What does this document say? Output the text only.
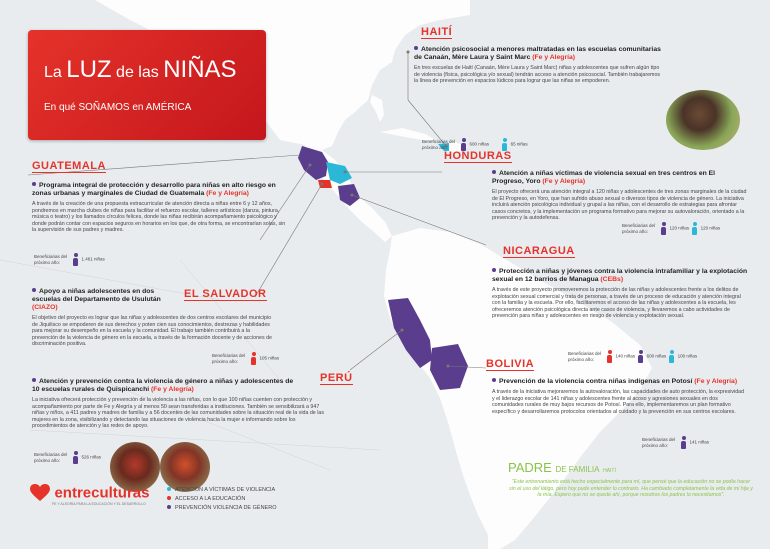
La LUZ de las NIÑAS
En qué SOÑAMOS en AMÉRICA
HAITÍ
Atención psicosocial a menores maltratadas en las escuelas comunitarias de Canaán, Mère Laura y Saint Marc (Fe y Alegría)
En tres escuelas de Haití (Canaán, Mère Laura y Saint Marc) niñas y adolescentes que sufren algún tipo de violencia (física, psicológica y/o sexual) tendrán acceso a atención psicosocial. También trabajaremos la línea de prevención en espacios lúdicos para lograr que las niñas se empoderen.
Beneficiarias del próximo año:
600 niñas	65 niñas
GUATEMALA
Programa integral de protección y desarrollo para niñas en alto riesgo en zonas urbanas y marginales de Ciudad de Guatemala (Fe y Alegría)
A través de la creación de una propuesta extracurricular de atención directa a niñas entre 6 y 12 años, pondremos en marcha clubes de niñas para facilitar el refuerzo escolar, talleres artísticos (danza, pintura, música o teatro) y los llamados círculos felices, donde las niñas recibirán acompañamiento psicológico y donde podrán contar con espacios seguros en horarios en los que, de otra forma, se encontrarían solas, sin la supervisión de sus padres y madres.
Beneficiarias del próximo año:
1.461 niñas
HONDURAS
Atención a niñas víctimas de violencia sexual en tres centros en El Progreso, Yoro (Fe y Alegría)
El proyecto ofrecerá una atención integral a 120 niñas y adolescentes de tres zonas marginales de la ciudad de El Progreso, en Yoro, que han sufrido abuso sexual o diversos tipos de violencia de género. La iniciativa incluirá atención psicológica individual y grupal a las niñas, con el desarrollo de estrategias para afrontar casos concretos, y la implementación un programa formativo para mejorar su autovaloración, orientado a la prevención y la autodefensa.
Beneficiarias del próximo año:
120 niñas	120 niñas
EL SALVADOR
Apoyo a niñas adolescentes en dos escuelas del Departamento de Usulután (CIAZO)
El objetivo del proyecto es lograr que las niñas y adolescentes de dos centros escolares del municipio de Jiquilisco se empoderen de sus derechos y poten cien sus conocimientos, destrezas y habilidades para mejorar su desempeño en la escuela y la comunidad. El trabajo también contribuirá a la prevención de la violencia de género en la escuela, a través de la formación docente y de acciones de discriminación positiva.
Beneficiarias del próximo año:
105 niñas
NICARAGUA
Protección a niñas y jóvenes contra la violencia intrafamiliar y la explotación sexual en 12 barrios de Managua (CEBs)
A través de este proyecto promoveremos la protección de las niñas y adolescentes frente a los delitos de explotación sexual comercial y trata de personas, a través de un proceso de educación y atención integral con la familia y la escuela. Por ello, facilitaremos el acceso de las niñas y adolescentes a la escuela, les ofreceremos atención psicológica directa ante casos de violencia, y llevaremos a cabo actividades de prevención para niñas y adolescentes en riesgo de violencia y explotación sexual.
Beneficiarias del próximo año:
140 niñas	600 niñas	100 niñas
PERÚ
Atención y prevención contra la violencia de género a niñas y adolescentes de 10 escuelas rurales de Quispicanchi (Fe y Alegría)
La iniciativa ofrecerá protección y prevención de la violencia a las niñas, con lo que 100 niñas cuenten con protección y acompañamiento por parte de Fe y Alegría y al menos 50 sean transferidas a instituciones. También se sensibilizará a 947 niñas y niños, a 411 padres y madres de familia y a 56 docentes de las comunidades sobre la situación real de la vida de las mujeres en la zona, visibilizando y detectando las situaciones de violencia hacia la mujer e informando sobre los procedimientos de atención y las redes de apoyo.
Beneficiarias del próximo año:
526 niñas
BOLIVIA
Prevención de la violencia contra niñas indígenas en Potosí (Fe y Alegría)
A través de la iniciativa mejoraremos la autovaloración, las capacidades de auto protección, la expresividad y el liderazgo escolar de 141 niñas y adolescentes frente al acoso y agresiones sexuales en dos comunidades rurales de muy bajos recursos de Potosí. Para ello, implementaremos un plan formativo específico y desarrollaremos protocolos orientados al cuidado y la prevención en sus centros escolares.
Beneficiarias del próximo año:
141 niñas
PADRE DE FAMILIA HAITÍ
“Este entrenamiento está hecho especialmente para mí, que pensé que la educación no se podía hacer sin el uso del látigo, pero hoy pude entender lo contrario. Ha cambiado completamente la vida de mi hija y la mía. Espero que no se quede ahí, porque nosotros los padres lo necesitamos”.
ATENCIÓN A VÍCTIMAS DE VIOLENCIA
ACCESO A LA EDUCACIÓN
PREVENCIÓN VIOLENCIA DE GÉNERO
entreculturas
FE Y ALEGRÍA PARA LA EDUCACIÓN Y EL DESARROLLO
